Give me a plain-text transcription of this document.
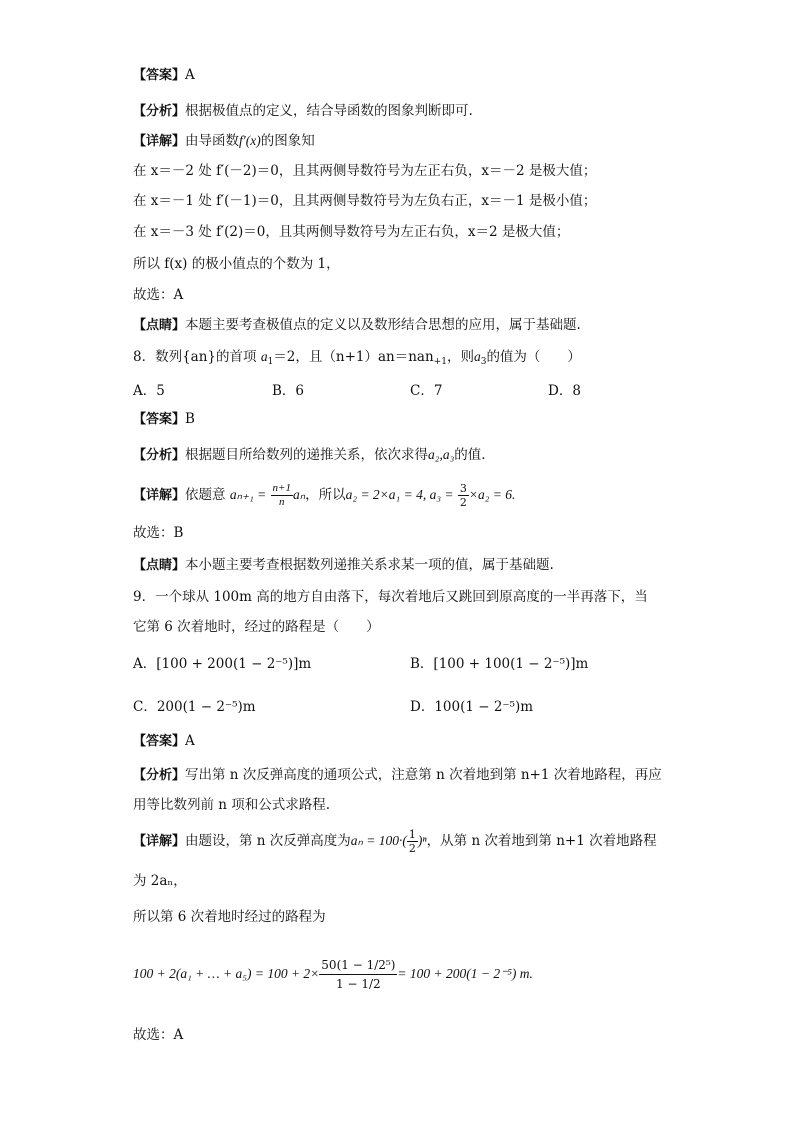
【答案】A
【分析】根据极值点的定义，结合导函数的图象判断即可.
【详解】由导函数f′(x)的图象知
在 x＝－2 处 f′(－2)＝0，且其两侧导数符号为左正右负，x＝－2 是极大值；
在 x＝－1 处 f′(－1)＝0，且其两侧导数符号为左负右正，x＝－1 是极小值；
在 x＝－3 处 f′(2)＝0，且其两侧导数符号为左正右负，x＝2 是极大值；
所以 f(x) 的极小值点的个数为 1，
故选：A
【点睛】本题主要考查极值点的定义以及数形结合思想的应用，属于基础题.
8．数列{an}的首项 $a_1=2$，且（n+1）an＝nan$_{+1}$，则$a_3$的值为（　　）
A．5	B．6	C．7	D．8
【答案】B
【分析】根据题目所给数列的递推关系，依次求得a₂,a₃的值.
【详解】依题意 $a_{n+1} = \frac{n+1}{n}$ aₙ，所以a₂ = 2×a₁ = 4, $a_3 = \frac{3}{2} \times a_2 = 6$.
故选：B
【点睛】本小题主要考查根据数列递推关系求某一项的值，属于基础题.
9．一个球从 100m 高的地方自由落下，每次着地后又跳回到原高度的一半再落下，当
它第 6 次着地时，经过的路程是（　　）
A．[100 + 200(1 − 2⁻⁵)]m	B．[100 + 100(1 − 2⁻⁵)]m
C．200(1 − 2⁻⁵)m	D．100(1 − 2⁻⁵)m
【答案】A
【分析】写出第 n 次反弹高度的通项公式，注意第 n 次着地到第 n+1 次着地路程，再应
用等比数列前 n 项和公式求路程.
【详解】由题设，第 n 次反弹高度为$a_n = 100\cdot( \frac{1}{2} )^n$，从第 n 次着地到第 n+1 次着地路程
为 2aₙ，
所以第 6 次着地时经过的路程为
100 + 2(a₁ + … + $a_5) = 100 + 2\times \frac{\text{50(1 − 1/2⁵)}}{1 - 1/2} = 100 + 200(1 - 2^{-5})$ m.
故选：A
